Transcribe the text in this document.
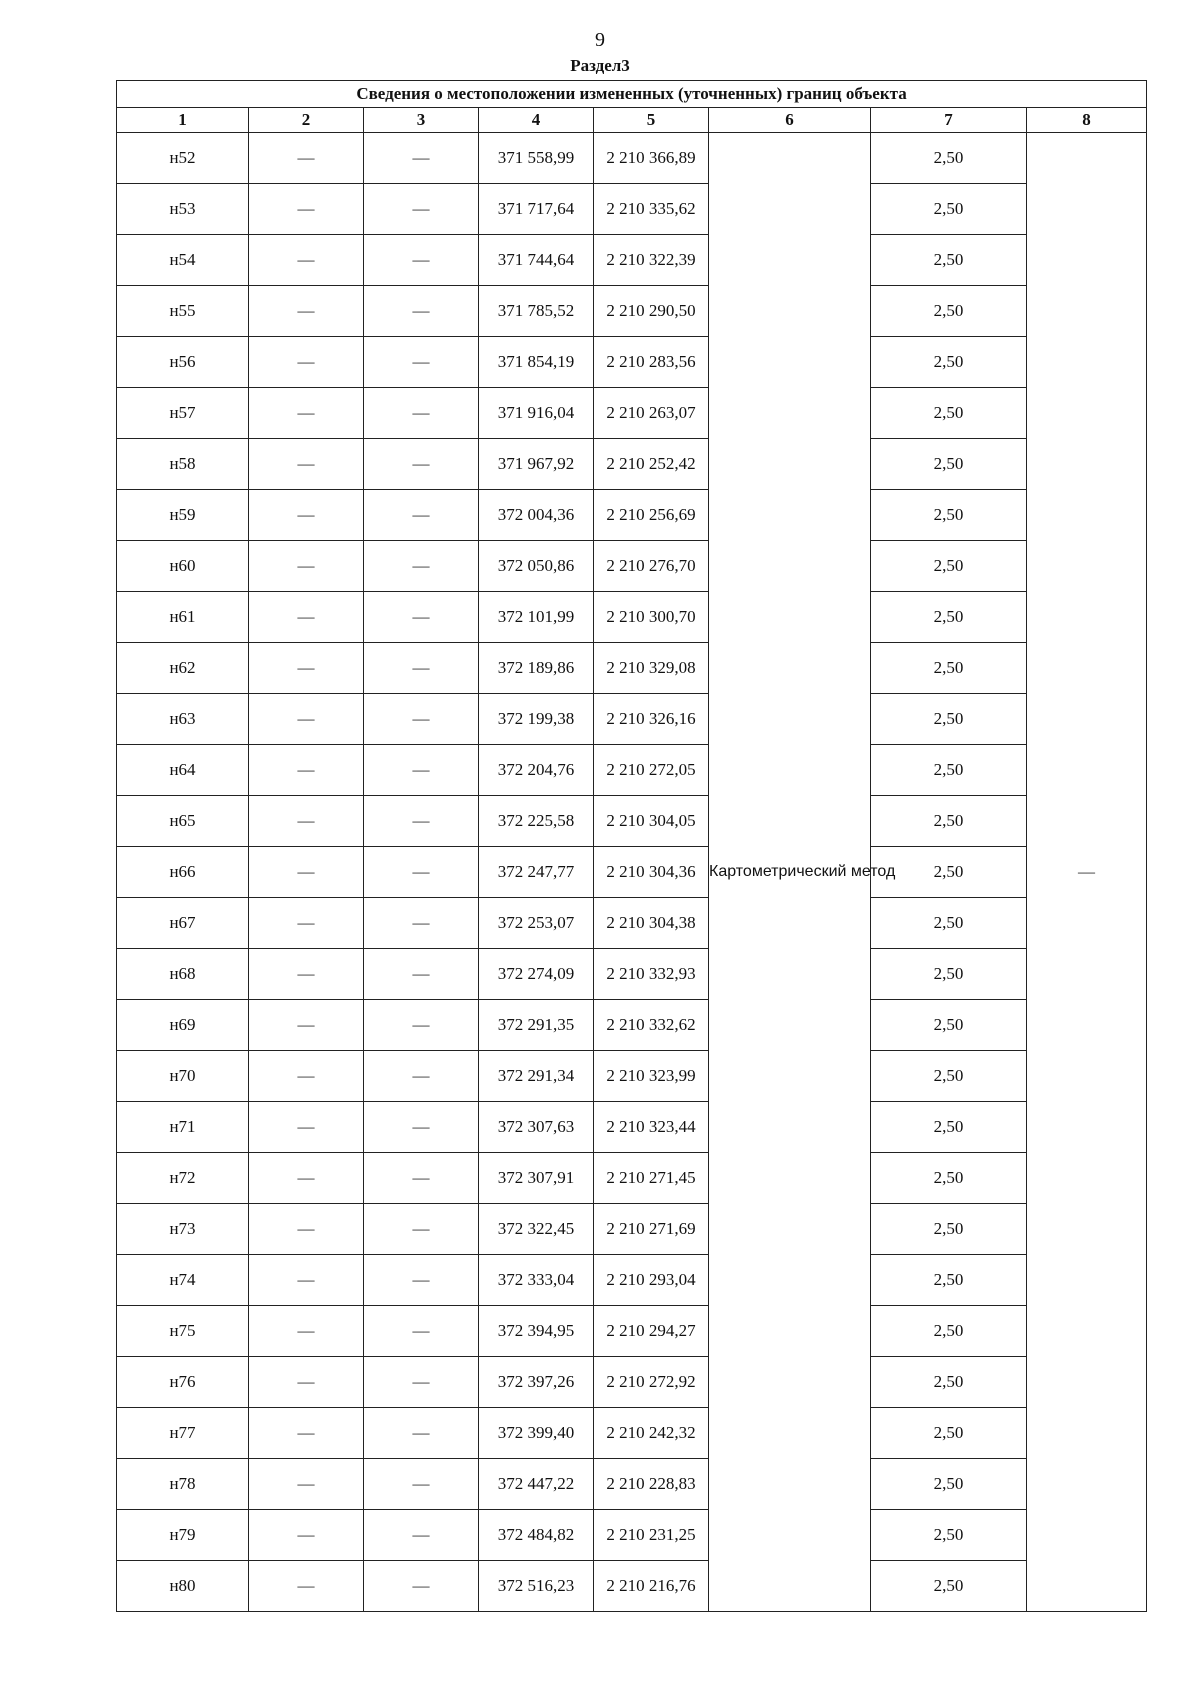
9
Раздел3
Сведения о местоположении измененных (уточненных) границ объекта							
1	2	3	4	5	6	7	8
н52	—	—	371 558,99	2 210 366,89	Картометрический метод	2,50	—
н53	—	—	371 717,64	2 210 335,62		2,50	
н54	—	—	371 744,64	2 210 322,39		2,50	
н55	—	—	371 785,52	2 210 290,50		2,50	
н56	—	—	371 854,19	2 210 283,56		2,50	
н57	—	—	371 916,04	2 210 263,07		2,50	
н58	—	—	371 967,92	2 210 252,42		2,50	
н59	—	—	372 004,36	2 210 256,69		2,50	
н60	—	—	372 050,86	2 210 276,70		2,50	
н61	—	—	372 101,99	2 210 300,70		2,50	
н62	—	—	372 189,86	2 210 329,08		2,50	
н63	—	—	372 199,38	2 210 326,16		2,50	
н64	—	—	372 204,76	2 210 272,05		2,50	
н65	—	—	372 225,58	2 210 304,05		2,50	
н66	—	—	372 247,77	2 210 304,36		2,50	
н67	—	—	372 253,07	2 210 304,38		2,50	
н68	—	—	372 274,09	2 210 332,93		2,50	
н69	—	—	372 291,35	2 210 332,62		2,50	
н70	—	—	372 291,34	2 210 323,99		2,50	
н71	—	—	372 307,63	2 210 323,44		2,50	
н72	—	—	372 307,91	2 210 271,45		2,50	
н73	—	—	372 322,45	2 210 271,69		2,50	
н74	—	—	372 333,04	2 210 293,04		2,50	
н75	—	—	372 394,95	2 210 294,27		2,50	
н76	—	—	372 397,26	2 210 272,92		2,50	
н77	—	—	372 399,40	2 210 242,32		2,50	
н78	—	—	372 447,22	2 210 228,83		2,50	
н79	—	—	372 484,82	2 210 231,25		2,50	
н80	—	—	372 516,23	2 210 216,76		2,50	
